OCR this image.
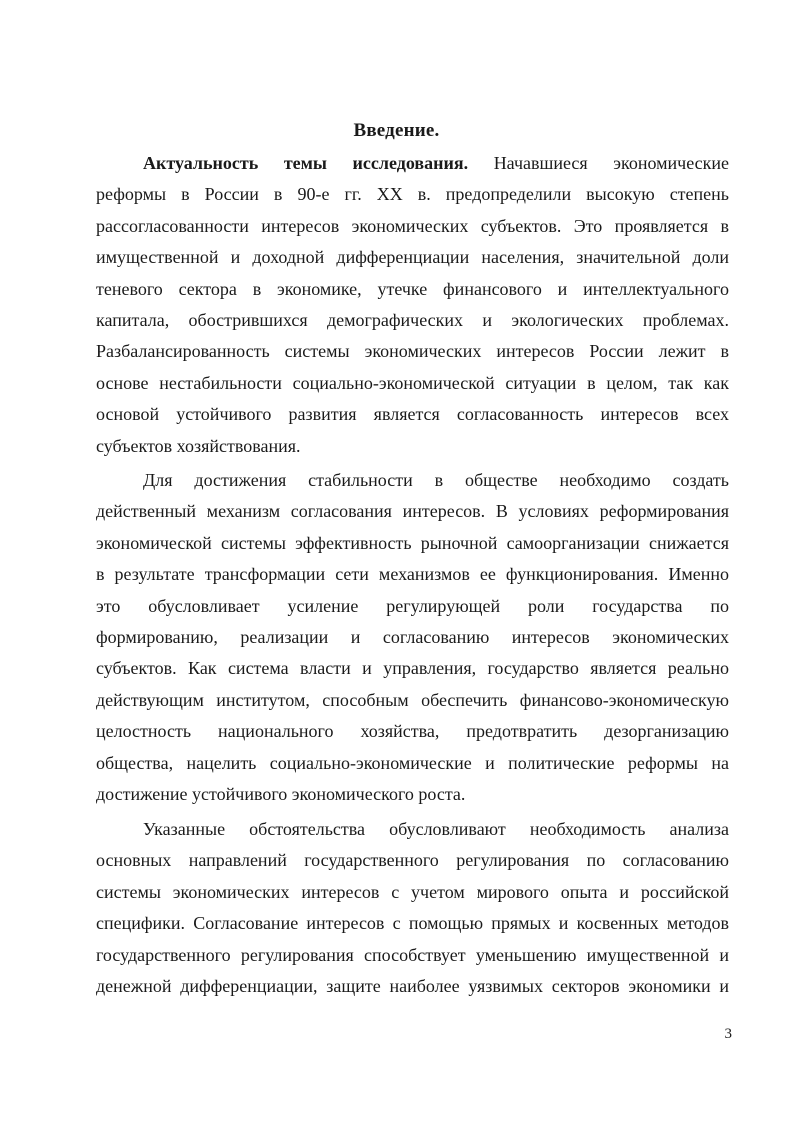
Введение.
Актуальность темы исследования. Начавшиеся экономические
реформы в России в 90-е гг. XX в. предопределили высокую степень
рассогласованности интересов экономических субъектов. Это проявляется в
имущественной и доходной дифференциации населения, значительной доли
теневого сектора в экономике, утечке финансового и интеллектуального
капитала, обострившихся демографических и экологических проблемах.
Разбалансированность системы экономических интересов России лежит в
основе нестабильности социально-экономической ситуации в целом, так как
основой устойчивого развития является согласованность интересов всех
субъектов хозяйствования.
Для достижения стабильности в обществе необходимо создать
действенный механизм согласования интересов. В условиях реформирования
экономической системы эффективность рыночной самоорганизации снижается
в результате трансформации сети механизмов ее функционирования. Именно
это обусловливает усиление регулирующей роли государства по
формированию, реализации и согласованию интересов экономических
субъектов. Как система власти и управления, государство является реально
действующим институтом, способным обеспечить финансово-экономическую
целостность национального хозяйства, предотвратить дезорганизацию
общества, нацелить социально-экономические и политические реформы на
достижение устойчивого экономического роста.
Указанные обстоятельства обусловливают необходимость анализа
основных направлений государственного регулирования по согласованию
системы экономических интересов с учетом мирового опыта и российской
специфики. Согласование интересов с помощью прямых и косвенных методов
государственного регулирования способствует уменьшению имущественной и
денежной дифференциации, защите наиболее уязвимых секторов экономики и
3
